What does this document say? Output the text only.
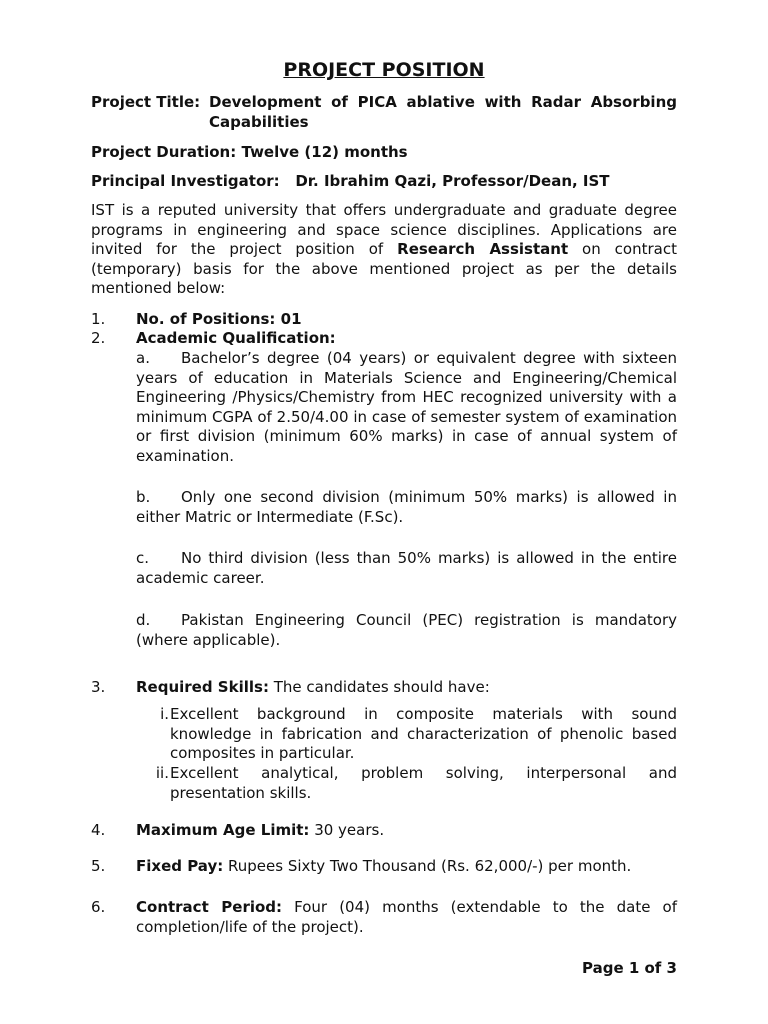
PROJECT POSITION
Project Title: Development of PICA ablative with Radar Absorbing
Capabilities
Project Duration: Twelve (12) months
Principal Investigator: Dr. Ibrahim Qazi, Professor/Dean, IST
IST is a reputed university that offers undergraduate and graduate degree programs in engineering and space science disciplines. Applications are invited for the project position of Research Assistant on contract (temporary) basis for the above mentioned project as per the details mentioned below:
1. No. of Positions: 01
2. Academic Qualification:
a. Bachelor’s degree (04 years) or equivalent degree with sixteen years of education in Materials Science and Engineering/Chemical Engineering /Physics/Chemistry from HEC recognized university with a minimum CGPA of 2.50/4.00 in case of semester system of examination or first division (minimum 60% marks) in case of annual system of examination.
b. Only one second division (minimum 50% marks) is allowed in either Matric or Intermediate (F.Sc).
c. No third division (less than 50% marks) is allowed in the entire academic career.
d. Pakistan Engineering Council (PEC) registration is mandatory (where applicable).
3. Required Skills: The candidates should have:
i. Excellent background in composite materials with sound knowledge in fabrication and characterization of phenolic based composites in particular.
ii. Excellent analytical, problem solving, interpersonal and presentation skills.
4. Maximum Age Limit: 30 years.
5. Fixed Pay: Rupees Sixty Two Thousand (Rs. 62,000/-) per month.
6. Contract Period: Four (04) months (extendable to the date of completion/life of the project).
Page 1 of 3
